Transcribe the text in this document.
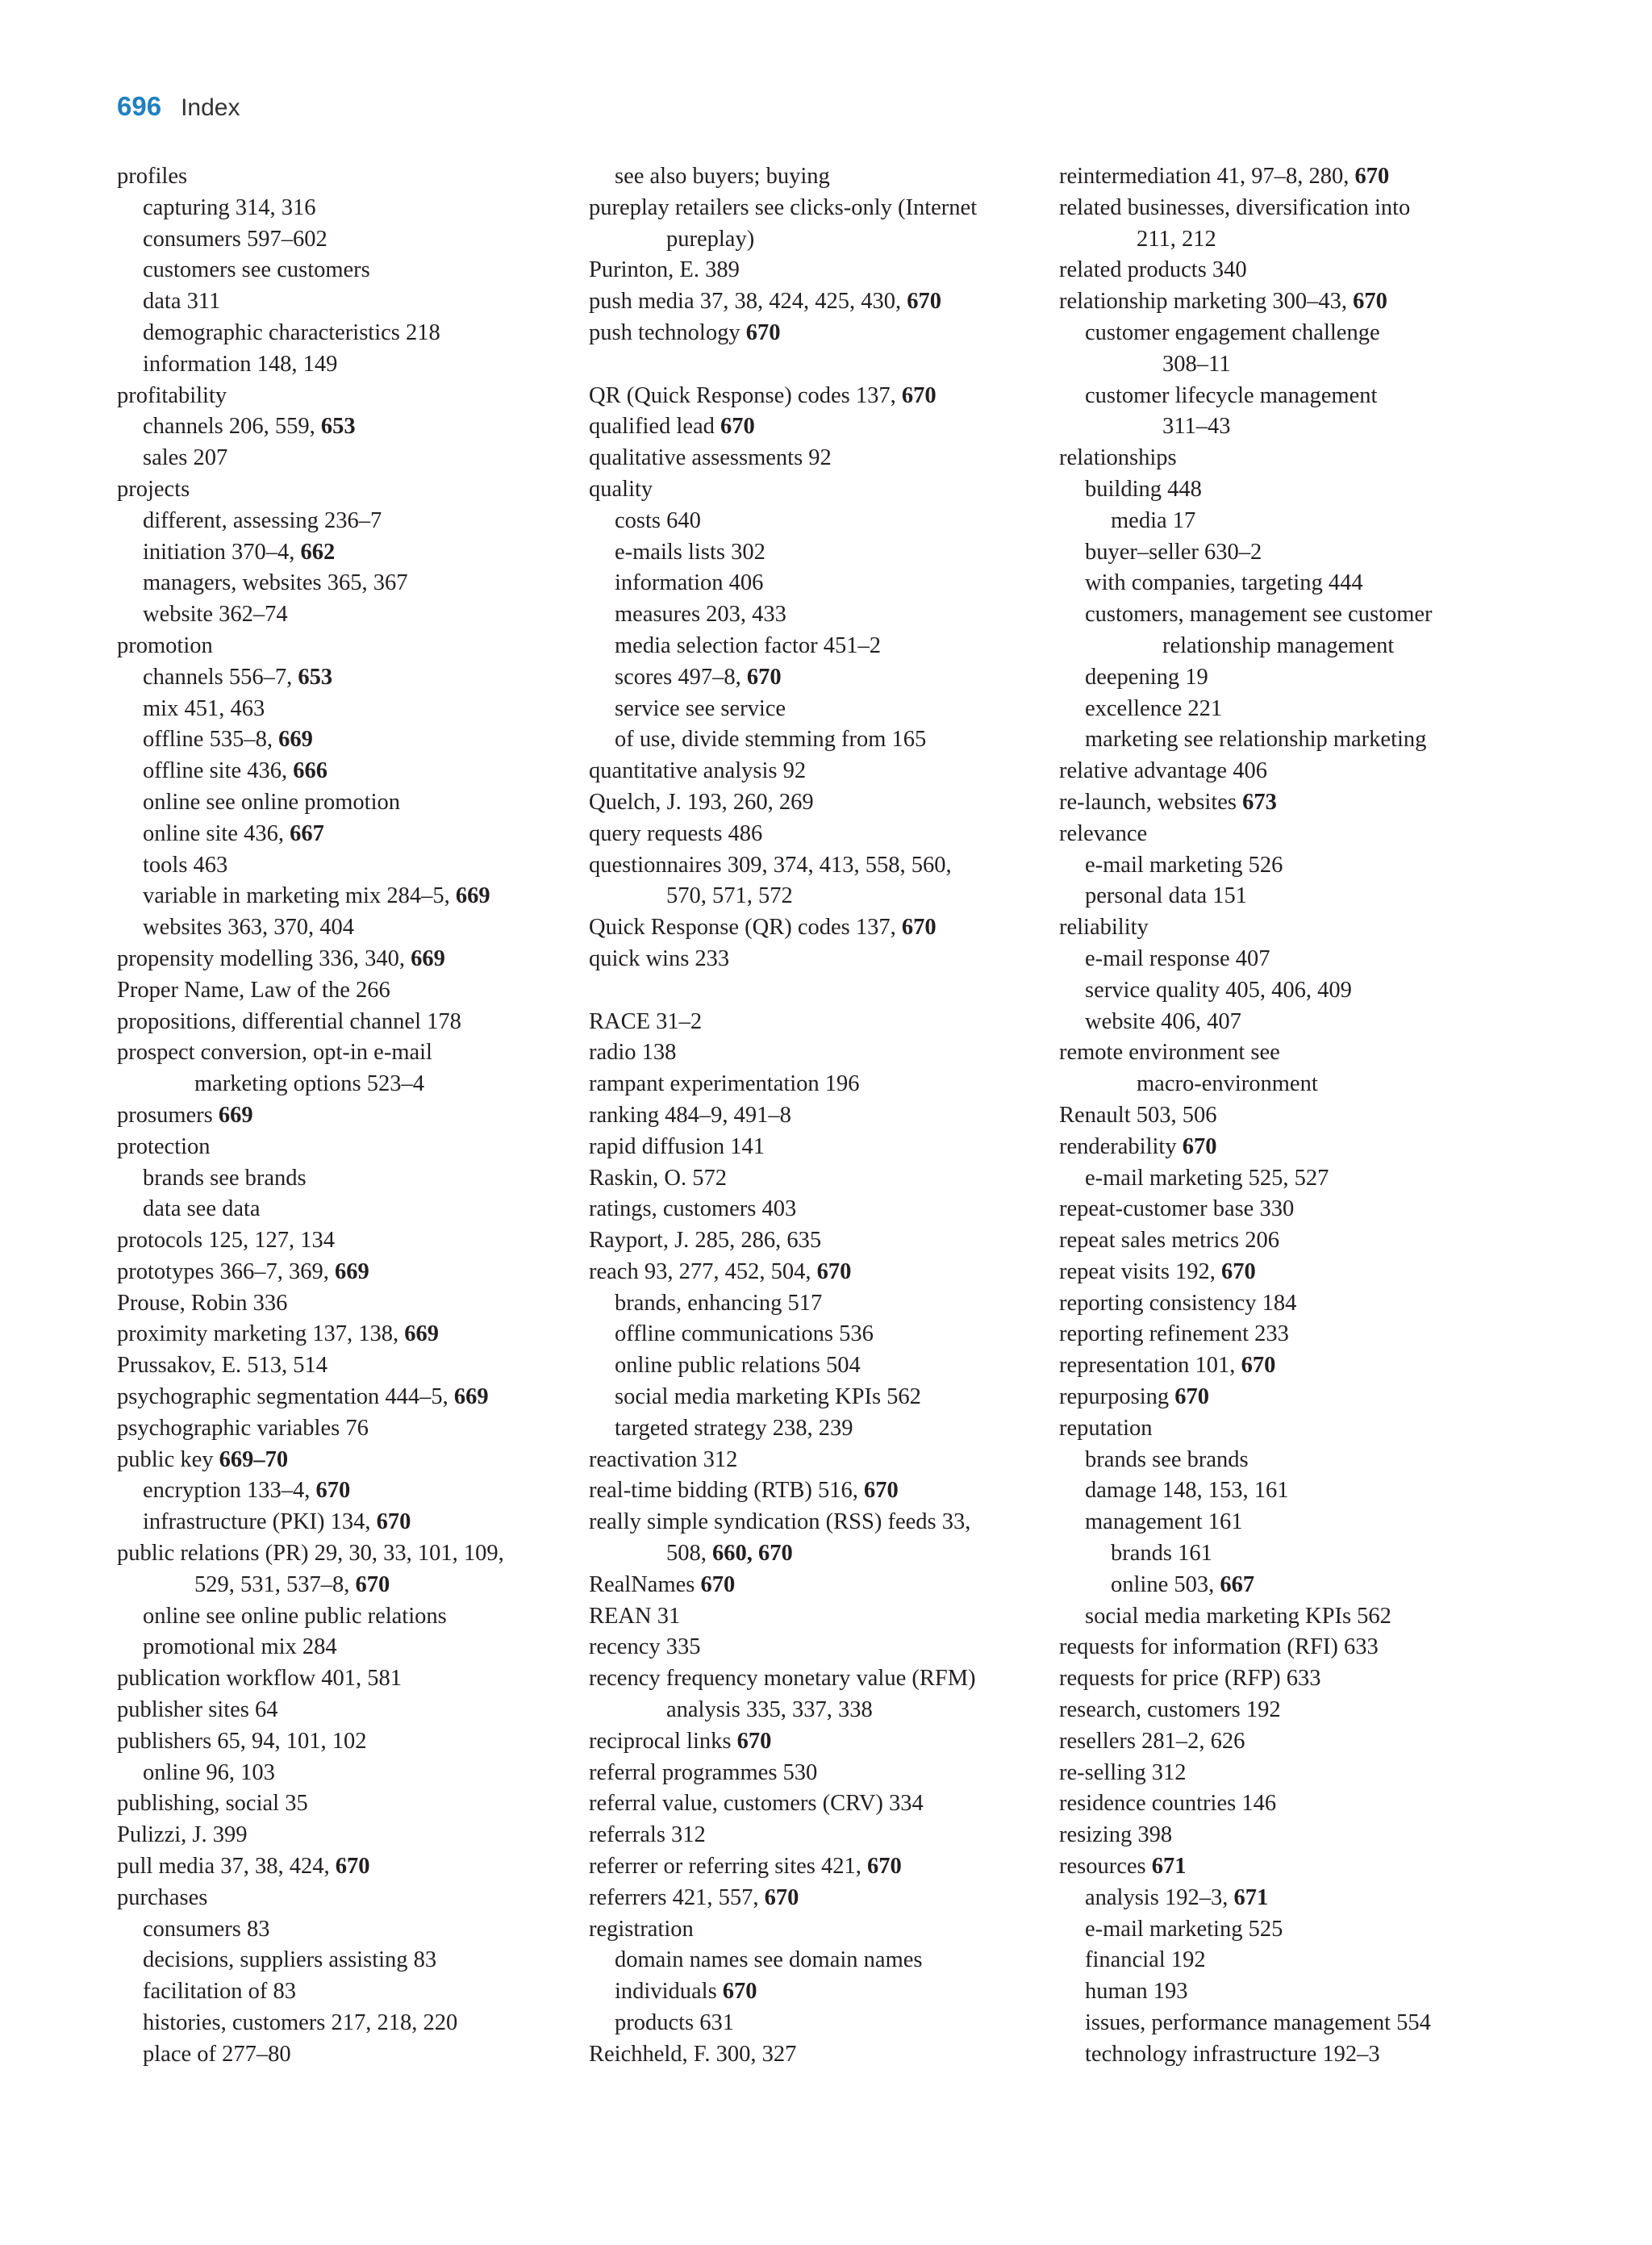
696 Index
profiles
capturing 314, 316
consumers 597–602
customers see customers
data 311
demographic characteristics 218
information 148, 149
profitability
channels 206, 559, 653
sales 207
projects
different, assessing 236–7
initiation 370–4, 662
managers, websites 365, 367
website 362–74
promotion
channels 556–7, 653
mix 451, 463
offline 535–8, 669
offline site 436, 666
online see online promotion
online site 436, 667
tools 463
variable in marketing mix 284–5, 669
websites 363, 370, 404
propensity modelling 336, 340, 669
Proper Name, Law of the 266
propositions, differential channel 178
prospect conversion, opt-in e-mail
marketing options 523–4
prosumers 669
protection
brands see brands
data see data
protocols 125, 127, 134
prototypes 366–7, 369, 669
Prouse, Robin 336
proximity marketing 137, 138, 669
Prussakov, E. 513, 514
psychographic segmentation 444–5, 669
psychographic variables 76
public key 669–70
encryption 133–4, 670
infrastructure (PKI) 134, 670
public relations (PR) 29, 30, 33, 101, 109,
529, 531, 537–8, 670
online see online public relations
promotional mix 284
publication workflow 401, 581
publisher sites 64
publishers 65, 94, 101, 102
online 96, 103
publishing, social 35
Pulizzi, J. 399
pull media 37, 38, 424, 670
purchases
consumers 83
decisions, suppliers assisting 83
facilitation of 83
histories, customers 217, 218, 220
place of 277–80
see also buyers; buying
pureplay retailers see clicks-only (Internet
pureplay)
Purinton, E. 389
push media 37, 38, 424, 425, 430, 670
push technology 670
QR (Quick Response) codes 137, 670
qualified lead 670
qualitative assessments 92
quality
costs 640
e-mails lists 302
information 406
measures 203, 433
media selection factor 451–2
scores 497–8, 670
service see service
of use, divide stemming from 165
quantitative analysis 92
Quelch, J. 193, 260, 269
query requests 486
questionnaires 309, 374, 413, 558, 560,
570, 571, 572
Quick Response (QR) codes 137, 670
quick wins 233
RACE 31–2
radio 138
rampant experimentation 196
ranking 484–9, 491–8
rapid diffusion 141
Raskin, O. 572
ratings, customers 403
Rayport, J. 285, 286, 635
reach 93, 277, 452, 504, 670
brands, enhancing 517
offline communications 536
online public relations 504
social media marketing KPIs 562
targeted strategy 238, 239
reactivation 312
real-time bidding (RTB) 516, 670
really simple syndication (RSS) feeds 33,
508, 660, 670
RealNames 670
REAN 31
recency 335
recency frequency monetary value (RFM)
analysis 335, 337, 338
reciprocal links 670
referral programmes 530
referral value, customers (CRV) 334
referrals 312
referrer or referring sites 421, 670
referrers 421, 557, 670
registration
domain names see domain names
individuals 670
products 631
Reichheld, F. 300, 327
reintermediation 41, 97–8, 280, 670
related businesses, diversification into
211, 212
related products 340
relationship marketing 300–43, 670
customer engagement challenge
308–11
customer lifecycle management
311–43
relationships
building 448
media 17
buyer–seller 630–2
with companies, targeting 444
customers, management see customer
relationship management
deepening 19
excellence 221
marketing see relationship marketing
relative advantage 406
re-launch, websites 673
relevance
e-mail marketing 526
personal data 151
reliability
e-mail response 407
service quality 405, 406, 409
website 406, 407
remote environment see
macro-environment
Renault 503, 506
renderability 670
e-mail marketing 525, 527
repeat-customer base 330
repeat sales metrics 206
repeat visits 192, 670
reporting consistency 184
reporting refinement 233
representation 101, 670
repurposing 670
reputation
brands see brands
damage 148, 153, 161
management 161
brands 161
online 503, 667
social media marketing KPIs 562
requests for information (RFI) 633
requests for price (RFP) 633
research, customers 192
resellers 281–2, 626
re-selling 312
residence countries 146
resizing 398
resources 671
analysis 192–3, 671
e-mail marketing 525
financial 192
human 193
issues, performance management 554
technology infrastructure 192–3
